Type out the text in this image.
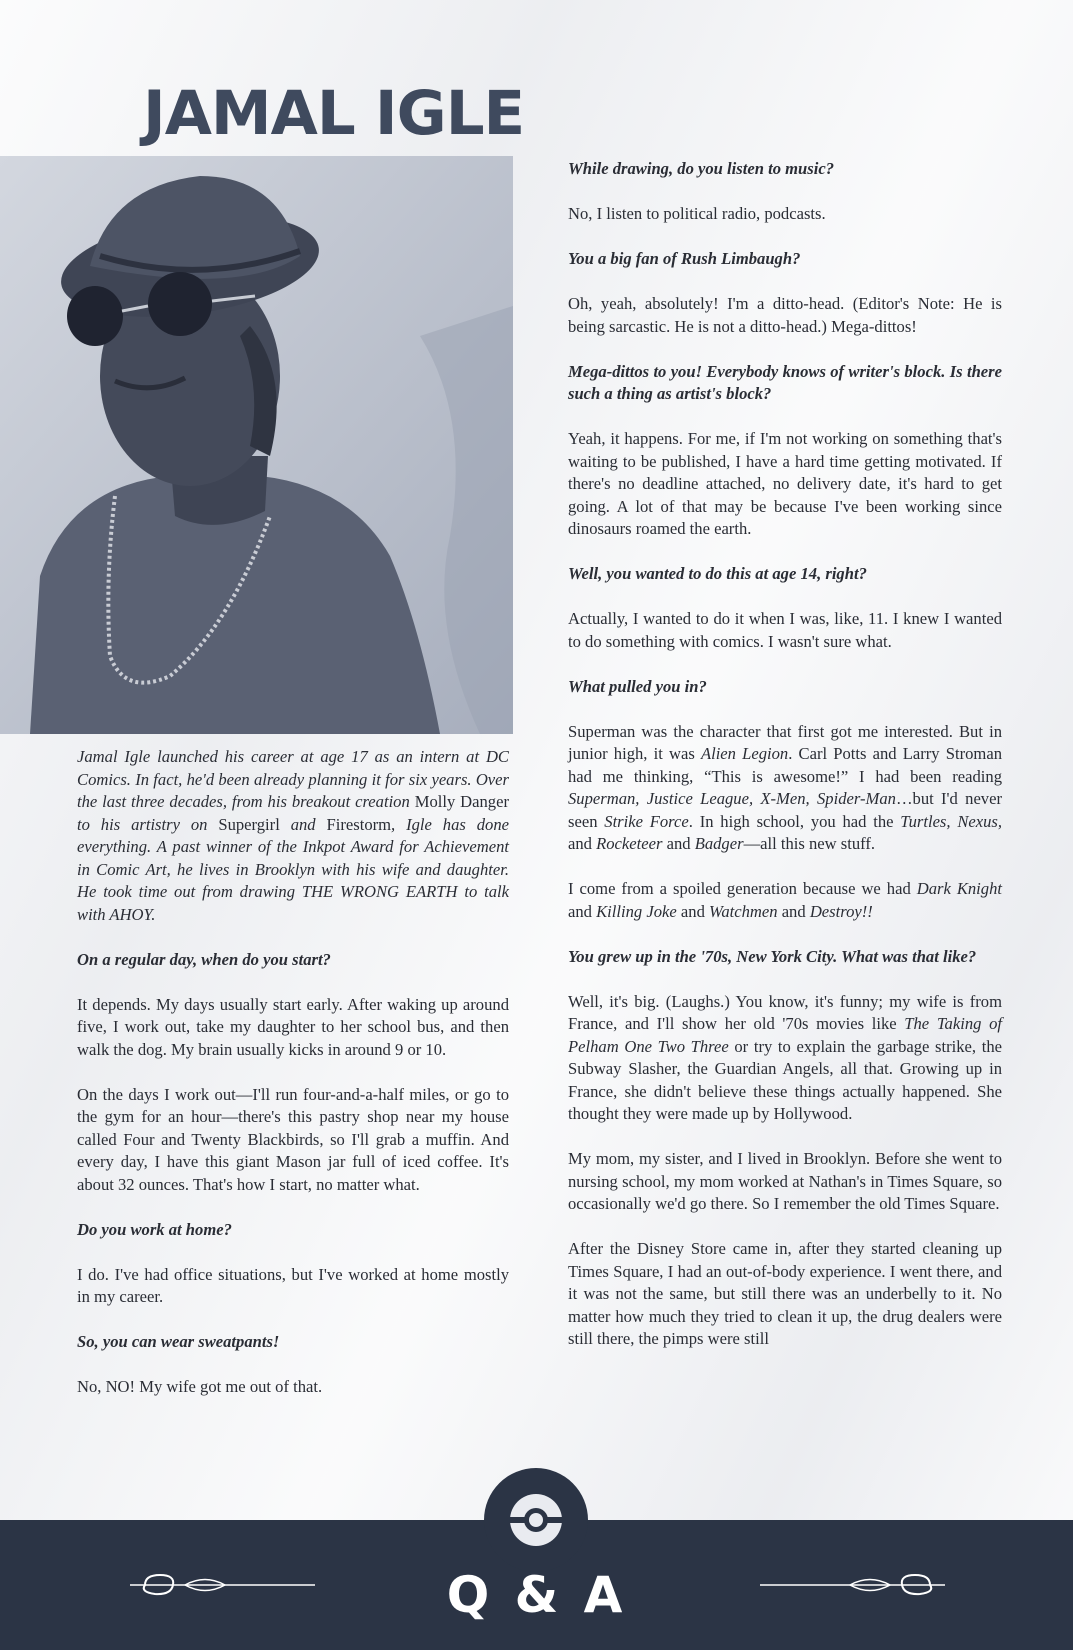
JAMAL IGLE

Jamal Igle launched his career at age 17 as an intern at DC Comics. In fact, he'd been already planning it for six years. Over the last three decades, from his breakout creation Molly Danger to his artistry on Supergirl and Firestorm, Igle has done everything. A past winner of the Inkpot Award for Achievement in Comic Art, he lives in Brooklyn with his wife and daughter. He took time out from drawing THE WRONG EARTH to talk with AHOY.

On a regular day, when do you start?

It depends. My days usually start early. After waking up around five, I work out, take my daughter to her school bus, and then walk the dog. My brain usually kicks in around 9 or 10.

On the days I work out—I'll run four-and-a-half miles, or go to the gym for an hour—there's this pastry shop near my house called Four and Twenty Blackbirds, so I'll grab a muffin. And every day, I have this giant Mason jar full of iced coffee. It's about 32 ounces. That's how I start, no matter what.

Do you work at home?

I do. I've had office situations, but I've worked at home mostly in my career.

So, you can wear sweatpants!

No, NO! My wife got me out of that.

While drawing, do you listen to music?

No, I listen to political radio, podcasts.

You a big fan of Rush Limbaugh?

Oh, yeah, absolutely! I'm a ditto-head. (Editor's Note: He is being sarcastic. He is not a ditto-head.) Mega-dittos!

Mega-dittos to you! Everybody knows of writer's block. Is there such a thing as artist's block?

Yeah, it happens. For me, if I'm not working on something that's waiting to be published, I have a hard time getting motivated. If there's no deadline attached, no delivery date, it's hard to get going. A lot of that may be because I've been working since dinosaurs roamed the earth.

Well, you wanted to do this at age 14, right?

Actually, I wanted to do it when I was, like, 11. I knew I wanted to do something with comics. I wasn't sure what.

What pulled you in?

Superman was the character that first got me interested. But in junior high, it was Alien Legion. Carl Potts and Larry Stroman had me thinking, “This is awesome!” I had been reading Superman, Justice League, X-Men, Spider-Man…but I'd never seen Strike Force. In high school, you had the Turtles, Nexus, and Rocketeer and Badger—all this new stuff.

I come from a spoiled generation because we had Dark Knight and Killing Joke and Watchmen and Destroy!!

You grew up in the '70s, New York City. What was that like?

Well, it's big. (Laughs.) You know, it's funny; my wife is from France, and I'll show her old '70s movies like The Taking of Pelham One Two Three or try to explain the garbage strike, the Subway Slasher, the Guardian Angels, all that. Growing up in France, she didn't believe these things actually happened. She thought they were made up by Hollywood.

My mom, my sister, and I lived in Brooklyn. Before she went to nursing school, my mom worked at Nathan's in Times Square, so occasionally we'd go there. So I remember the old Times Square.

After the Disney Store came in, after they started cleaning up Times Square, I had an out-of-body experience. I went there, and it was not the same, but still there was an underbelly to it. No matter how much they tried to clean it up, the drug dealers were still there, the pimps were still

Q & A
